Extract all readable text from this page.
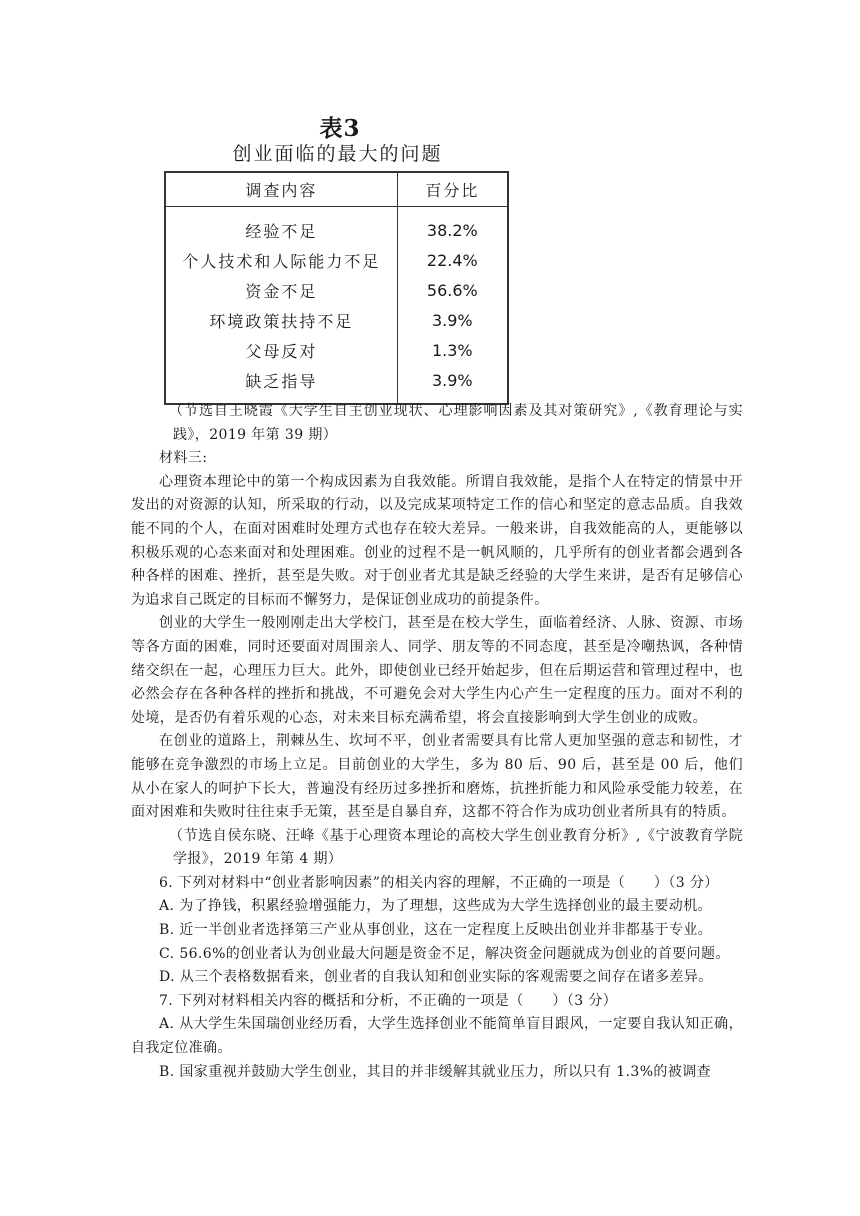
表3
创业面临的最大的问题
调查内容	百分比
经验不足	38.2%
个人技术和人际能力不足	22.4%
资金不足	56.6%
环境政策扶持不足	3.9%
父母反对	1.3%
缺乏指导	3.9%

（节选自王晓霞《大学生自主创业现状、心理影响因素及其对策研究》,《教育理论与实践》，2019 年第 39 期）

材料三:

心理资本理论中的第一个构成因素为自我效能。所谓自我效能，是指个人在特定的情景中开发出的对资源的认知，所采取的行动，以及完成某项特定工作的信心和坚定的意志品质。自我效能不同的个人，在面对困难时处理方式也存在较大差异。一般来讲，自我效能高的人，更能够以积极乐观的心态来面对和处理困难。创业的过程不是一帆风顺的，几乎所有的创业者都会遇到各种各样的困难、挫折，甚至是失败。对于创业者尤其是缺乏经验的大学生来讲，是否有足够信心为追求自己既定的目标而不懈努力，是保证创业成功的前提条件。

创业的大学生一般刚刚走出大学校门，甚至是在校大学生，面临着经济、人脉、资源、市场等各方面的困难，同时还要面对周围亲人、同学、朋友等的不同态度，甚至是冷嘲热讽，各种情绪交织在一起，心理压力巨大。此外，即使创业已经开始起步，但在后期运营和管理过程中，也必然会存在各种各样的挫折和挑战，不可避免会对大学生内心产生一定程度的压力。面对不利的处境，是否仍有着乐观的心态，对未来目标充满希望，将会直接影响到大学生创业的成败。

在创业的道路上，荆棘丛生、坎坷不平，创业者需要具有比常人更加坚强的意志和韧性，才能够在竞争激烈的市场上立足。目前创业的大学生，多为 80 后、90 后，甚至是 00 后，他们从小在家人的呵护下长大，普遍没有经历过多挫折和磨炼，抗挫折能力和风险承受能力较差，在面对困难和失败时往往束手无策，甚至是自暴自弃，这都不符合作为成功创业者所具有的特质。

（节选自侯东晓、汪峰《基于心理资本理论的高校大学生创业教育分析》,《宁波教育学院学报》，2019 年第 4 期）

6. 下列对材料中“创业者影响因素”的相关内容的理解，不正确的一项是（　　）（3 分）

A. 为了挣钱，积累经验增强能力，为了理想，这些成为大学生选择创业的最主要动机。

B. 近一半创业者选择第三产业从事创业，这在一定程度上反映出创业并非都基于专业。

C. 56.6%的创业者认为创业最大问题是资金不足，解决资金问题就成为创业的首要问题。

D. 从三个表格数据看来，创业者的自我认知和创业实际的客观需要之间存在诸多差异。

7. 下列对材料相关内容的概括和分析，不正确的一项是（　　）（3 分）

A. 从大学生朱国瑞创业经历看，大学生选择创业不能简单盲目跟风，一定要自我认知正确，自我定位准确。

B. 国家重视并鼓励大学生创业，其目的并非缓解其就业压力，所以只有 1.3%的被调查
